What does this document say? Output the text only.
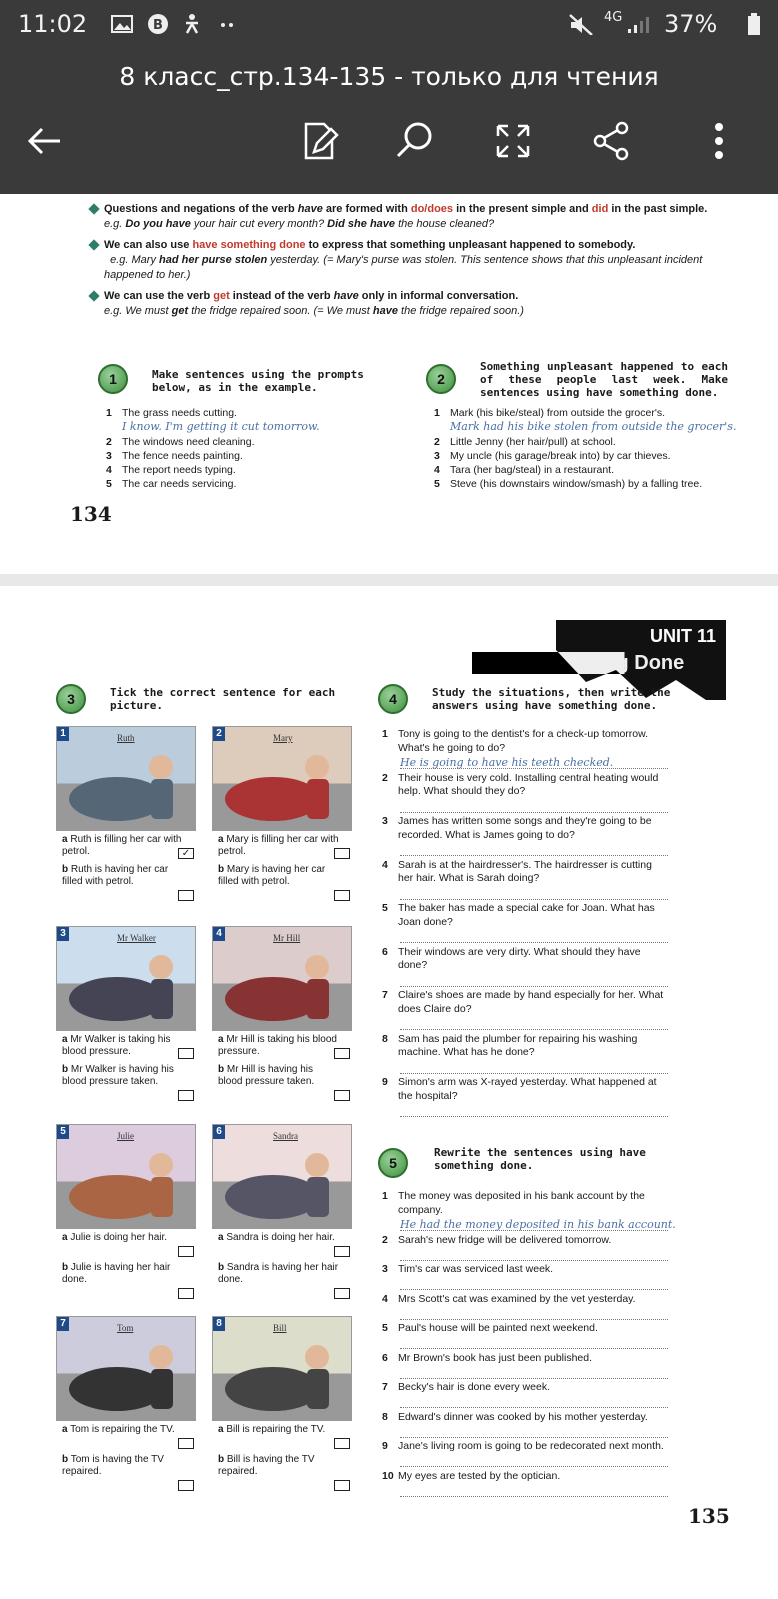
11:02	B
4G 37%
8 класс_стр.134-135 - только для чтения
Questions and negations of the verb have are formed with do/does in the present simple and did in the past simple. e.g. Do you have your hair cut every month? Did she have the house cleaned?
We can also use have something done to express that something unpleasant happened to somebody.
e.g. Mary had her purse stolen yesterday. (= Mary's purse was stolen. This sentence shows that this unpleasant incident happened to her.)
We can use the verb get instead of the verb have only in informal conversation.
e.g. We must get the fridge repaired soon. (= We must have the fridge repaired soon.)
1	Make sentences using the prompts below, as in the example.
1 The grass needs cutting.
I know. I'm getting it cut tomorrow.
2 The windows need cleaning.
3 The fence needs painting.
4 The report needs typing.
5 The car needs servicing.
2
Something unpleasant happened to each of these people last week. Make sentences using have something done.
1 Mark (his bike/steal) from outside the grocer's.
Mark had his bike stolen from outside the grocer's.
2 Little Jenny (her hair/pull) at school.
3 My uncle (his garage/break into) by car thieves.
4 Tara (her bag/steal) in a restaurant.
5 Steve (his downstairs window/smash) by a falling tree.
134
UNIT 11
Have Something Done
3	Tick the correct sentence for each picture.
1	Ruth
a Ruth is filling her car with petrol.	✓
b Ruth is having her car filled with petrol.
2	Mary
a Mary is filling her car with petrol.
b Mary is having her car filled with petrol.
3	Mr Walker
a Mr Walker is taking his blood pressure.
b Mr Walker is having his blood pressure taken.
4	Mr Hill
a Mr Hill is taking his blood pressure.
b Mr Hill is having his blood pressure taken.
5	Julie
a Julie is doing her hair.
b Julie is having her hair done.
6	Sandra
a Sandra is doing her hair.
b Sandra is having her hair done.
7	Tom
a Tom is repairing the TV.
b Tom is having the TV repaired.
8	Bill
a Bill is repairing the TV.
b Bill is having the TV repaired.
4	Study the situations, then write the answers using have something done.
1 Tony is going to the dentist's for a check-up tomorrow. What's he going to do?
He is going to have his teeth checked.
2 Their house is very cold. Installing central heating would help. What should they do?
3 James has written some songs and they're going to be recorded. What is James going to do?
4 Sarah is at the hairdresser's. The hairdresser is cutting her hair. What is Sarah doing?
5 The baker has made a special cake for Joan. What has Joan done?
6 Their windows are very dirty. What should they have done?
7 Claire's shoes are made by hand especially for her. What does Claire do?
8 Sam has paid the plumber for repairing his washing machine. What has he done?
9 Simon's arm was X-rayed yesterday. What happened at the hospital?
5
Rewrite the sentences using have something done.
1 The money was deposited in his bank account by the company.
He had the money deposited in his bank account.
2 Sarah's new fridge will be delivered tomorrow.
3 Tim's car was serviced last week.
4 Mrs Scott's cat was examined by the vet yesterday.
5 Paul's house will be painted next weekend.
6 Mr Brown's book has just been published.
7 Becky's hair is done every week.
8 Edward's dinner was cooked by his mother yesterday.
9 Jane's living room is going to be redecorated next month.
10 My eyes are tested by the optician.
135
